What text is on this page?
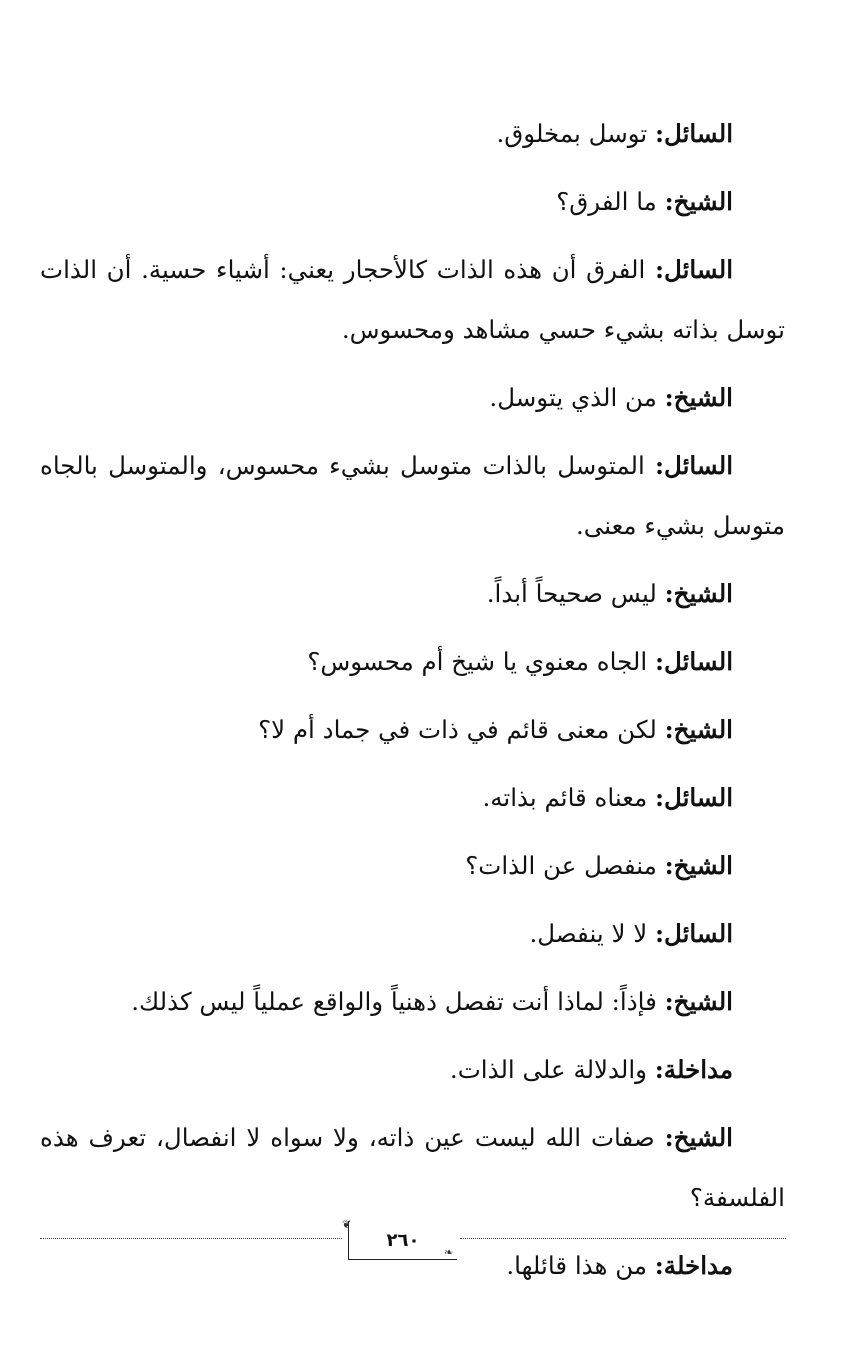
السائل: توسل بمخلوق.

الشيخ: ما الفرق؟

السائل: الفرق أن هذه الذات كالأحجار يعني: أشياء حسية. أن الذات توسل بذاته بشيء حسي مشاهد ومحسوس.

الشيخ: من الذي يتوسل.

السائل: المتوسل بالذات متوسل بشيء محسوس، والمتوسل بالجاه متوسل بشيء معنى.

الشيخ: ليس صحيحاً أبداً.

السائل: الجاه معنوي يا شيخ أم محسوس؟

الشيخ: لكن معنى قائم في ذات في جماد أم لا؟

السائل: معناه قائم بذاته.

الشيخ: منفصل عن الذات؟

السائل: لا لا ينفصل.

الشيخ: فإذاً: لماذا أنت تفصل ذهنياً والواقع عملياً ليس كذلك.

مداخلة: والدلالة على الذات.

الشيخ: صفات الله ليست عين ذاته، ولا سواه لا انفصال، تعرف هذه الفلسفة؟

مداخلة: من هذا قائلها.

❦
٢٦٠
❧
